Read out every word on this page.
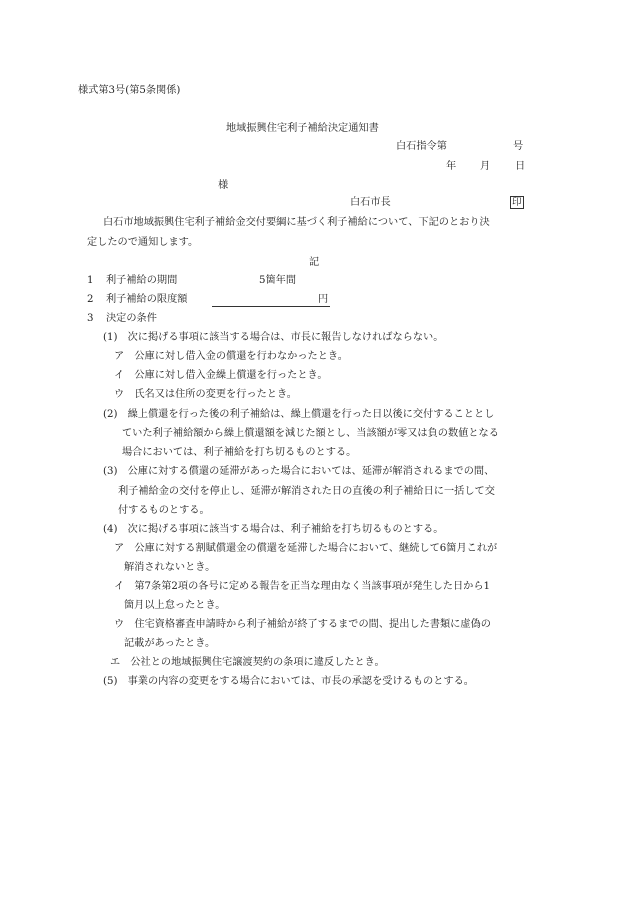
様式第3号(第5条関係)
地域振興住宅利子補給決定通知書
白石指令第	号
年 月 日
様
白石市長	印
白石市地域振興住宅利子補給金交付要綱に基づく利子補給について、下記のとおり決
定したので通知します。
記
1 利子補給の期間	5箇年間
2 利子補給の限度額	円
3 決定の条件
(1)　次に掲げる事項に該当する場合は、市長に報告しなければならない。
ア　公庫に対し借入金の償還を行わなかったとき。
イ　公庫に対し借入金繰上償還を行ったとき。
ウ　氏名又は住所の変更を行ったとき。
(2)　繰上償還を行った後の利子補給は、繰上償還を行った日以後に交付することとし
ていた利子補給額から繰上償還額を減じた額とし、当該額が零又は負の数値となる
場合においては、利子補給を打ち切るものとする。
(3)　公庫に対する償還の延滞があった場合においては、延滞が解消されるまでの間、
利子補給金の交付を停止し、延滞が解消された日の直後の利子補給日に一括して交
付するものとする。
(4)　次に掲げる事項に該当する場合は、利子補給を打ち切るものとする。
ア　公庫に対する割賦償還金の償還を延滞した場合において、継続して6箇月これが
解消されないとき。
イ　第7条第2項の各号に定める報告を正当な理由なく当該事項が発生した日から1
箇月以上怠ったとき。
ウ　住宅資格審査申請時から利子補給が終了するまでの間、提出した書類に虚偽の
記載があったとき。
エ　公社との地域振興住宅譲渡契約の条項に違反したとき。
(5)　事業の内容の変更をする場合においては、市長の承認を受けるものとする。
